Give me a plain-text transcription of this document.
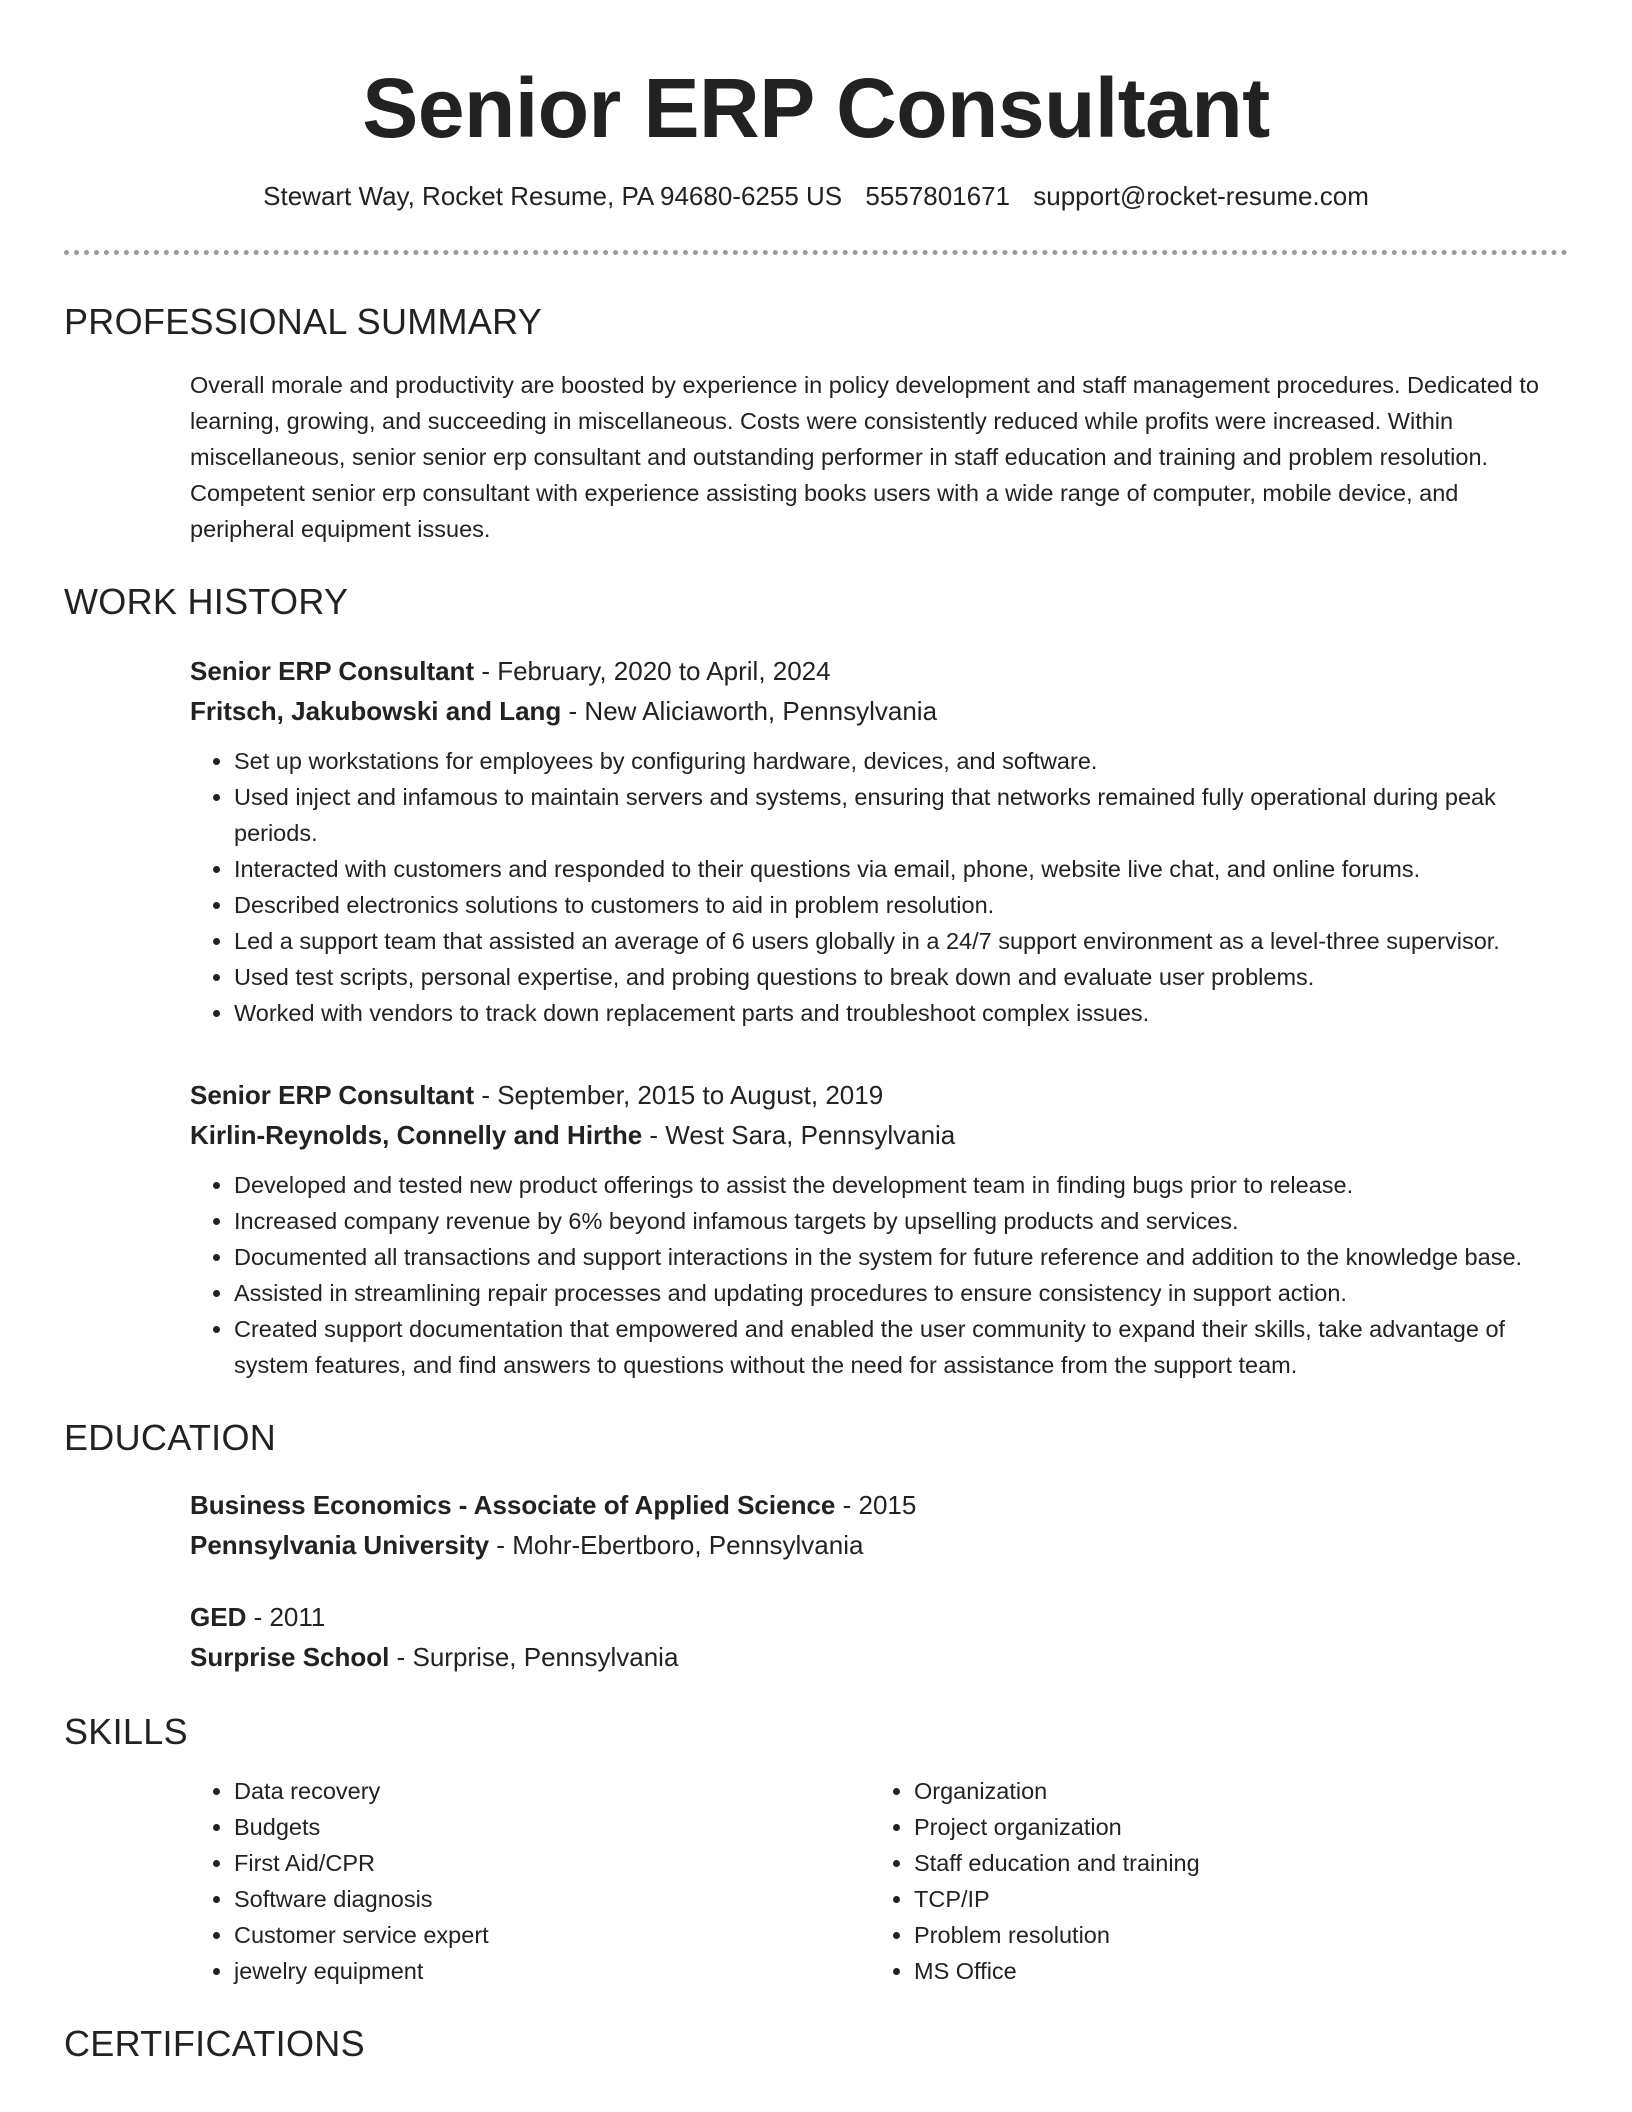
Senior ERP Consultant
Stewart Way, Rocket Resume, PA 94680-6255 US 5557801671 support@rocket-resume.com
PROFESSIONAL SUMMARY

Overall morale and productivity are boosted by experience in policy development and staff management procedures. Dedicated to learning, growing, and succeeding in miscellaneous. Costs were consistently reduced while profits were increased. Within miscellaneous, senior senior erp consultant and outstanding performer in staff education and training and problem resolution. Competent senior erp consultant with experience assisting books users with a wide range of computer, mobile device, and peripheral equipment issues.

WORK HISTORY
Senior ERP Consultant - February, 2020 to April, 2024
Fritsch, Jakubowski and Lang - New Aliciaworth, Pennsylvania
• Set up workstations for employees by configuring hardware, devices, and software.
• Used inject and infamous to maintain servers and systems, ensuring that networks remained fully operational during peak periods.
• Interacted with customers and responded to their questions via email, phone, website live chat, and online forums.
• Described electronics solutions to customers to aid in problem resolution.
• Led a support team that assisted an average of 6 users globally in a 24/7 support environment as a level-three supervisor.
• Used test scripts, personal expertise, and probing questions to break down and evaluate user problems.
• Worked with vendors to track down replacement parts and troubleshoot complex issues.
Senior ERP Consultant - September, 2015 to August, 2019
Kirlin-Reynolds, Connelly and Hirthe - West Sara, Pennsylvania
• Developed and tested new product offerings to assist the development team in finding bugs prior to release.
• Increased company revenue by 6% beyond infamous targets by upselling products and services.
• Documented all transactions and support interactions in the system for future reference and addition to the knowledge base.
• Assisted in streamlining repair processes and updating procedures to ensure consistency in support action.
• Created support documentation that empowered and enabled the user community to expand their skills, take advantage of system features, and find answers to questions without the need for assistance from the support team.
EDUCATION
Business Economics - Associate of Applied Science - 2015
Pennsylvania University - Mohr-Ebertboro, Pennsylvania
GED - 2011
Surprise School - Surprise, Pennsylvania
SKILLS
• Data recovery
• Budgets
• First Aid/CPR
• Software diagnosis
• Customer service expert
• jewelry equipment
• Organization
• Project organization
• Staff education and training
• TCP/IP
• Problem resolution
• MS Office
CERTIFICATIONS
